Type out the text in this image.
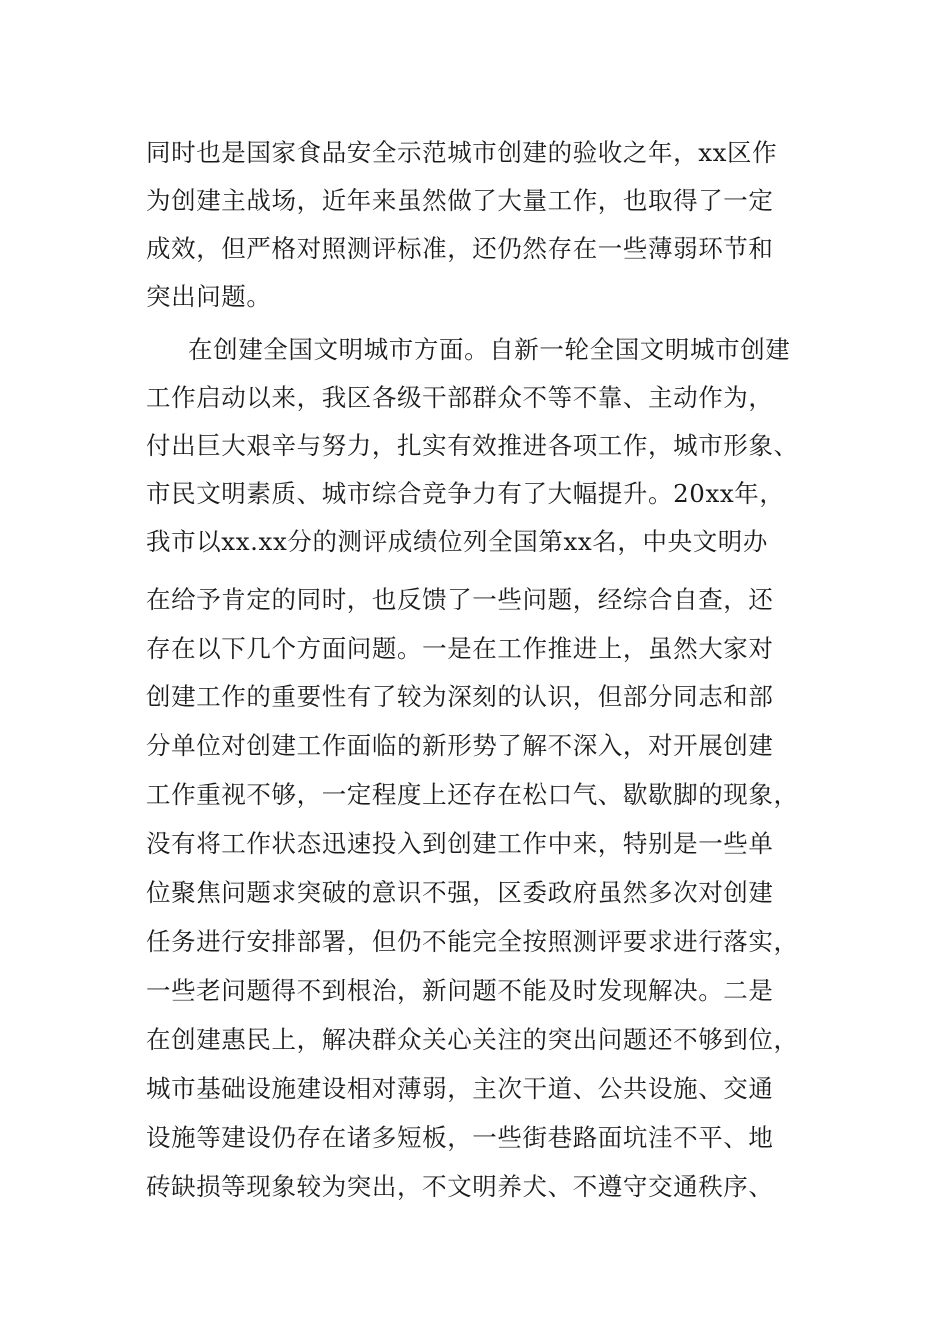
同时也是国家食品安全示范城市创建的验收之年，xx区作
为创建主战场，近年来虽然做了大量工作，也取得了一定
成效，但严格对照测评标准，还仍然存在一些薄弱环节和
突出问题。
在创建全国文明城市方面。自新一轮全国文明城市创建
工作启动以来，我区各级干部群众不等不靠、主动作为，
付出巨大艰辛与努力，扎实有效推进各项工作，城市形象、
市民文明素质、城市综合竞争力有了大幅提升。20xx年，
我市以xx.xx分的测评成绩位列全国第xx名，中央文明办
在给予肯定的同时，也反馈了一些问题，经综合自查，还
存在以下几个方面问题。一是在工作推进上，虽然大家对
创建工作的重要性有了较为深刻的认识，但部分同志和部
分单位对创建工作面临的新形势了解不深入，对开展创建
工作重视不够，一定程度上还存在松口气、歇歇脚的现象，
没有将工作状态迅速投入到创建工作中来，特别是一些单
位聚焦问题求突破的意识不强，区委政府虽然多次对创建
任务进行安排部署，但仍不能完全按照测评要求进行落实，
一些老问题得不到根治，新问题不能及时发现解决。二是
在创建惠民上，解决群众关心关注的突出问题还不够到位，
城市基础设施建设相对薄弱，主次干道、公共设施、交通
设施等建设仍存在诸多短板，一些街巷路面坑洼不平、地
砖缺损等现象较为突出，不文明养犬、不遵守交通秩序、
